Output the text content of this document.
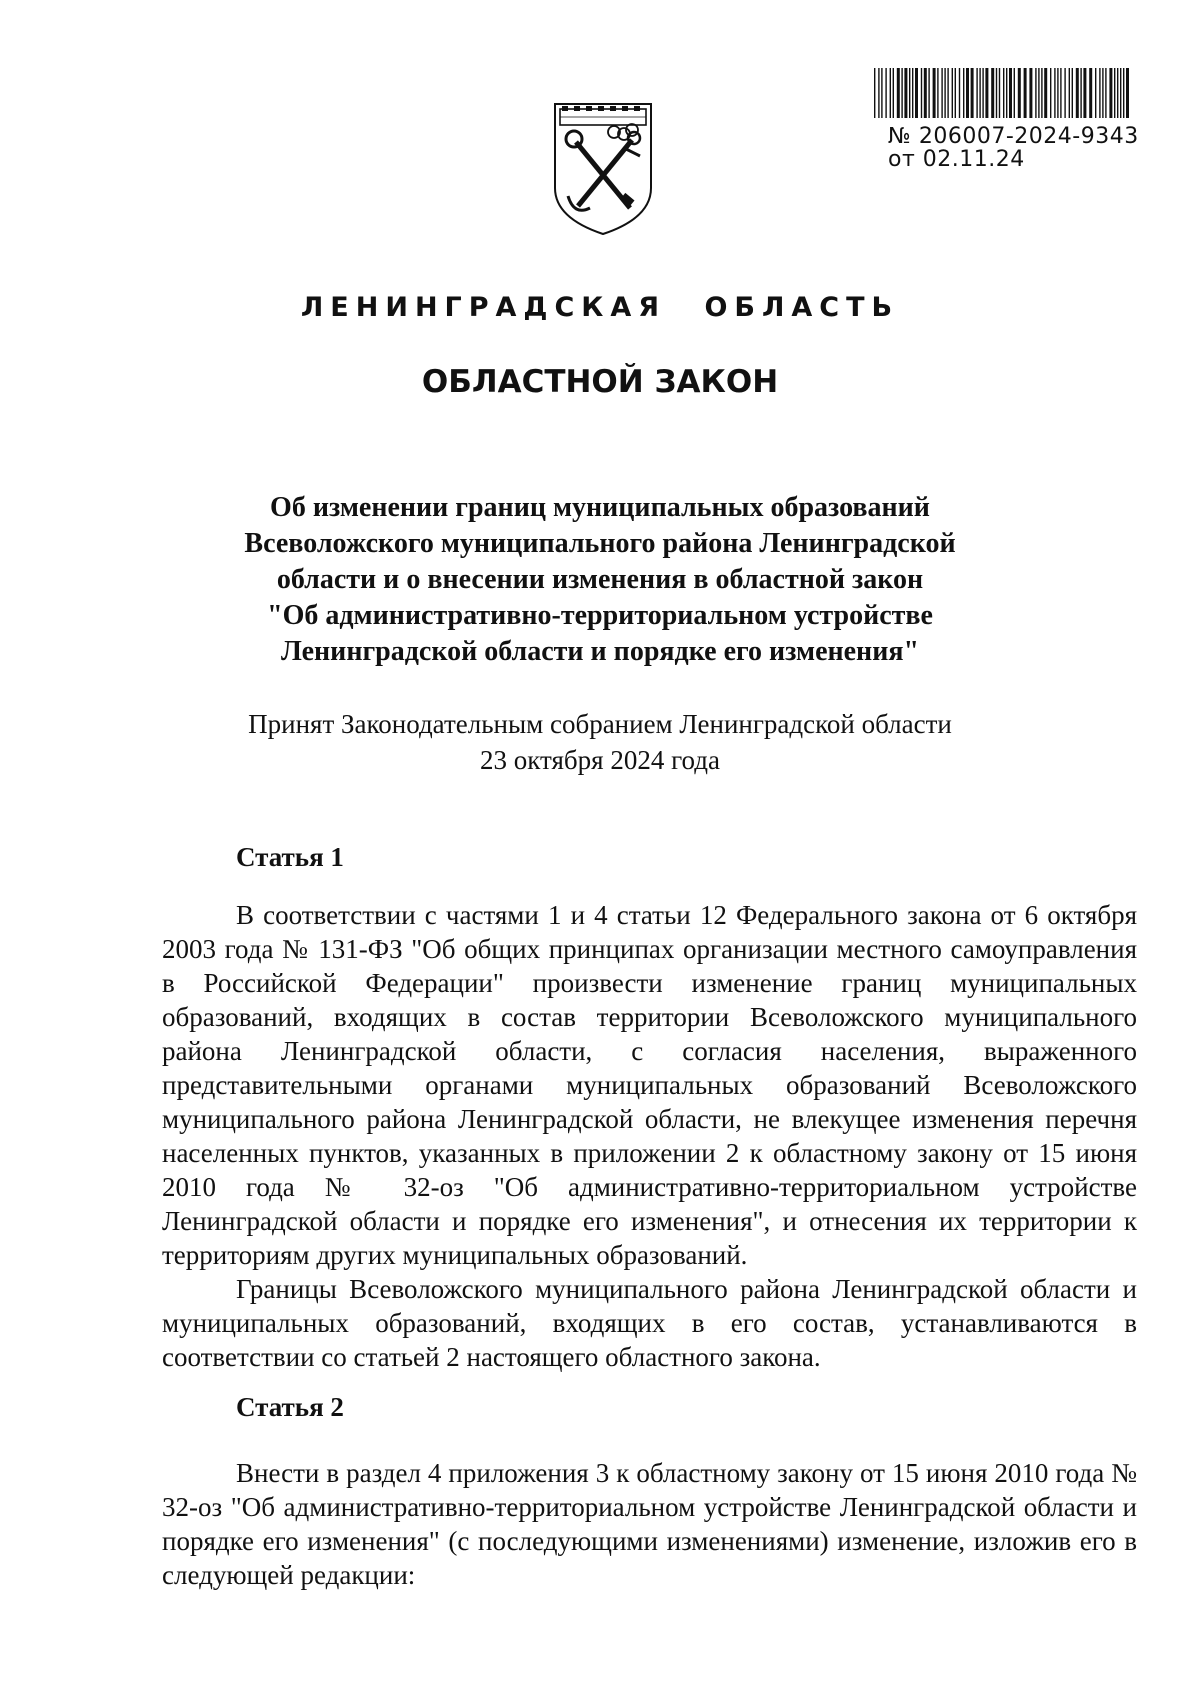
№ 206007-2024-9343
от 02.11.24
ЛЕНИНГРАДСКАЯ ОБЛАСТЬ
ОБЛАСТНОЙ ЗАКОН
Об изменении границ муниципальных образований
Всеволожского муниципального района Ленинградской
области и о внесении изменения в областной закон
"Об административно-территориальном устройстве
Ленинградской области и порядке его изменения"
Принят Законодательным собранием Ленинградской области
23 октября 2024 года
Статья 1

В соответствии с частями 1 и 4 статьи 12 Федерального закона от 6 октября 2003 года № 131-ФЗ "Об общих принципах организации местного самоуправления в Российской Федерации" произвести изменение границ муниципальных образований, входящих в состав территории Всеволожского муниципального района Ленинградской области, с согласия населения, выраженного представительными органами муниципальных образований Всеволожского муниципального района Ленинградской области, не влекущее изменения перечня населенных пунктов, указанных в приложении 2 к областному закону от 15 июня 2010 года № 32-оз "Об административно-территориальном устройстве Ленинградской области и порядке его изменения", и отнесения их территории к территориям других муниципальных образований.

Границы Всеволожского муниципального района Ленинградской области и муниципальных образований, входящих в его состав, устанавливаются в соответствии со статьей 2 настоящего областного закона.

Статья 2

Внести в раздел 4 приложения 3 к областному закону от 15 июня 2010 года № 32-оз "Об административно-территориальном устройстве Ленинградской области и порядке его изменения" (с последующими изменениями) изменение, изложив его в следующей редакции:
